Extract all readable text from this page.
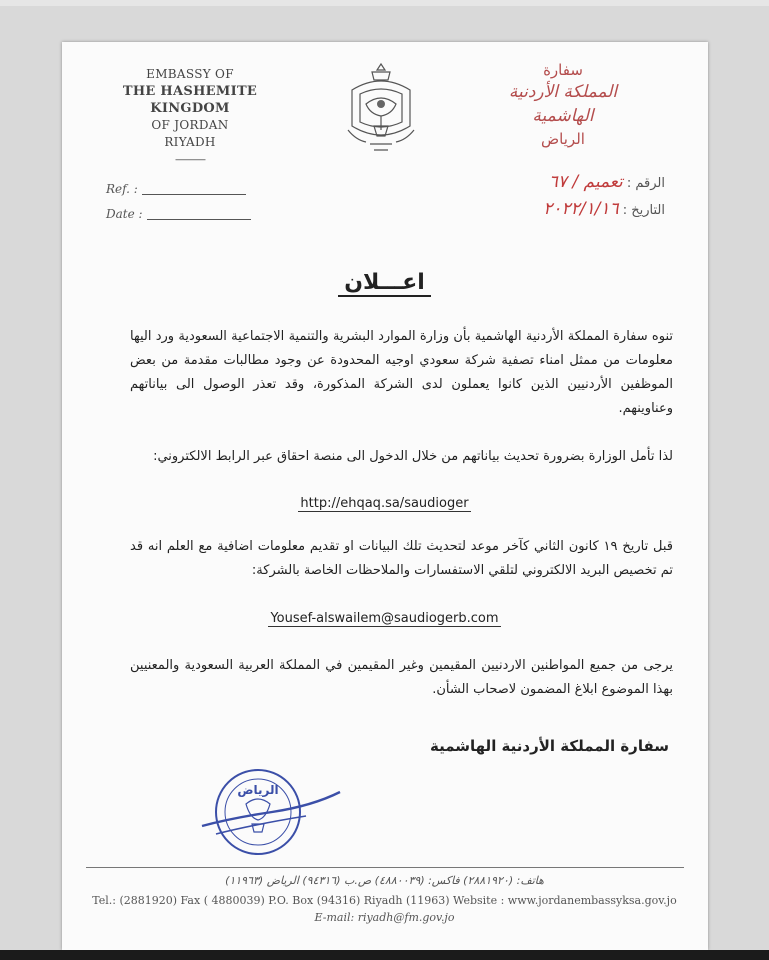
EMBASSY OF
THE HASHEMITE KINGDOM
OF JORDAN
RIYADH
———
سفارة
المملكة الأردنية الهاشمية
الرياض
Ref. :
Date :
الرقم : تعميم / ٦٧
التاريخ : ٢٠٢٢/١/١٦
اعـــلان
تنوه سفارة المملكة الأردنية الهاشمية بأن وزارة الموارد البشرية والتنمية الاجتماعية السعودية ورد اليها معلومات من ممثل امناء تصفية شركة سعودي اوجيه المحدودة عن وجود مطالبات مقدمة من بعض الموظفين الأردنيين الذين كانوا يعملون لدى الشركة المذكورة، وقد تعذر الوصول الى بياناتهم وعناوينهم.
لذا تأمل الوزارة بضرورة تحديث بياناتهم من خلال الدخول الى منصة احقاق عبر الرابط الالكتروني:
http://ehqaq.sa/saudioger
قبل تاريخ ١٩ كانون الثاني كآخر موعد لتحديث تلك البيانات او تقديم معلومات اضافية مع العلم انه قد تم تخصيص البريد الالكتروني لتلقي الاستفسارات والملاحظات الخاصة بالشركة:
Yousef-alswailem@saudiogerb.com
يرجى من جميع المواطنين الاردنيين المقيمين وغير المقيمين في المملكة العربية السعودية والمعنيين بهذا الموضوع ابلاغ المضمون لاصحاب الشأن.
سفارة المملكة الأردنية الهاشمية
الرياض
هاتف: (٢٨٨١٩٢٠) فاكس: (٤٨٨٠٠٣٩) ص.ب (٩٤٣١٦) الرياض (١١٩٦٣)
Tel.: (2881920) Fax ( 4880039) P.O. Box (94316) Riyadh (11963) Website : www.jordanembassyksa.gov.jo
E-mail: riyadh@fm.gov.jo
